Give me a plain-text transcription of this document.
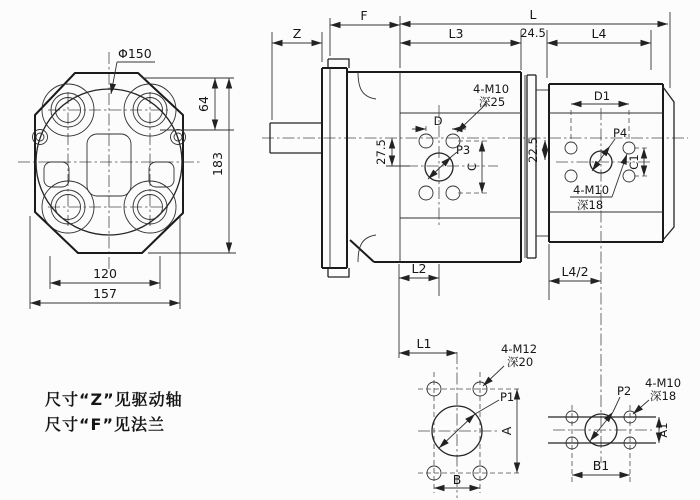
Φ150
64
183
120
157
D
C
27.5
4-M10
深25
P3
D1
C1
22.5
P4
4-M10
深18
Z
F	L
L3	24.5	L4
L2	L4/2
L1	4-M12
深20
P1
A
B
P2
4-M10
深18
A1
B1
尺寸“Z”见驱动轴
尺寸“F”见法兰
